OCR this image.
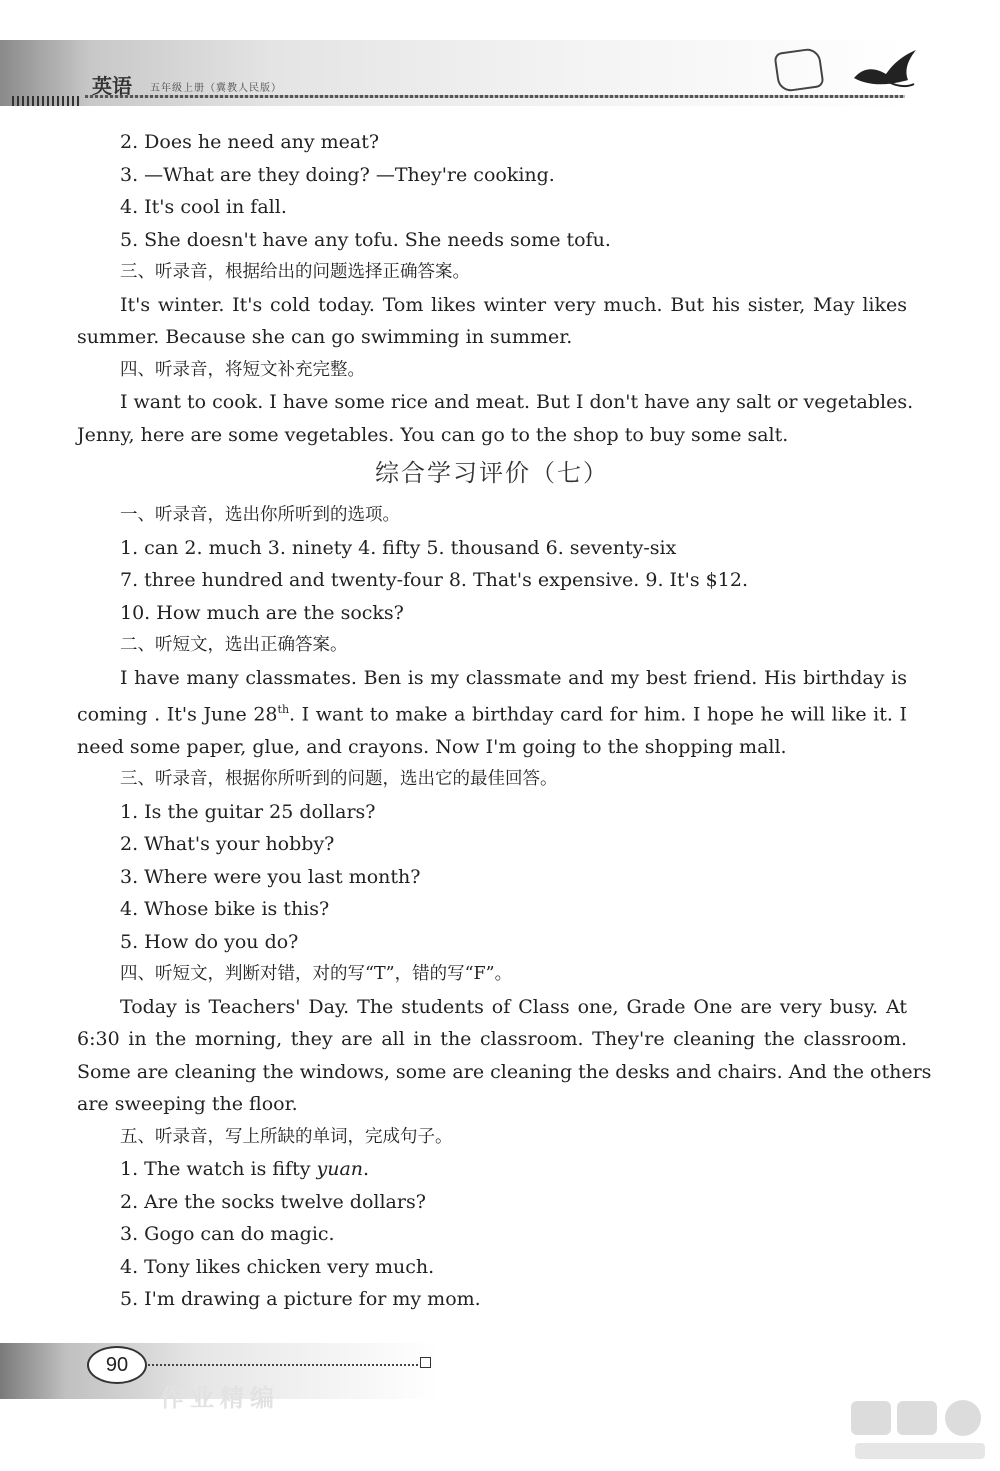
英语 五年级上册（冀教人民版）
2. Does he need any meat?
3. —What are they doing? —They're cooking.
4. It's cool in fall.
5. She doesn't have any tofu. She needs some tofu.
三、听录音，根据给出的问题选择正确答案。
It's winter. It's cold today. Tom likes winter very much. But his sister, May likes
summer. Because she can go swimming in summer.
四、听录音，将短文补充完整。
I want to cook. I have some rice and meat. But I don't have any salt or vegetables.
Jenny, here are some vegetables. You can go to the shop to buy some salt.
综合学习评价（七）
一、听录音，选出你所听到的选项。
1. can 2. much 3. ninety 4. fifty 5. thousand 6. seventy-six
7. three hundred and twenty-four 8. That's expensive. 9. It's $12.
10. How much are the socks?
二、听短文，选出正确答案。
I have many classmates. Ben is my classmate and my best friend. His birthday is
coming . It's June 28th. I want to make a birthday card for him. I hope he will like it. I
need some paper, glue, and crayons. Now I'm going to the shopping mall.
三、听录音，根据你所听到的问题，选出它的最佳回答。
1. Is the guitar 25 dollars?
2. What's your hobby?
3. Where were you last month?
4. Whose bike is this?
5. How do you do?
四、听短文，判断对错，对的写“T”，错的写“F”。
Today is Teachers' Day. The students of Class one, Grade One are very busy. At
6:30 in the morning, they are all in the classroom. They're cleaning the classroom.
Some are cleaning the windows, some are cleaning the desks and chairs. And the others
are sweeping the floor.
五、听录音，写上所缺的单词，完成句子。
1. The watch is fifty yuan.
2. Are the socks twelve dollars?
3. Gogo can do magic.
4. Tony likes chicken very much.
5. I'm drawing a picture for my mom.
90
作业精编
